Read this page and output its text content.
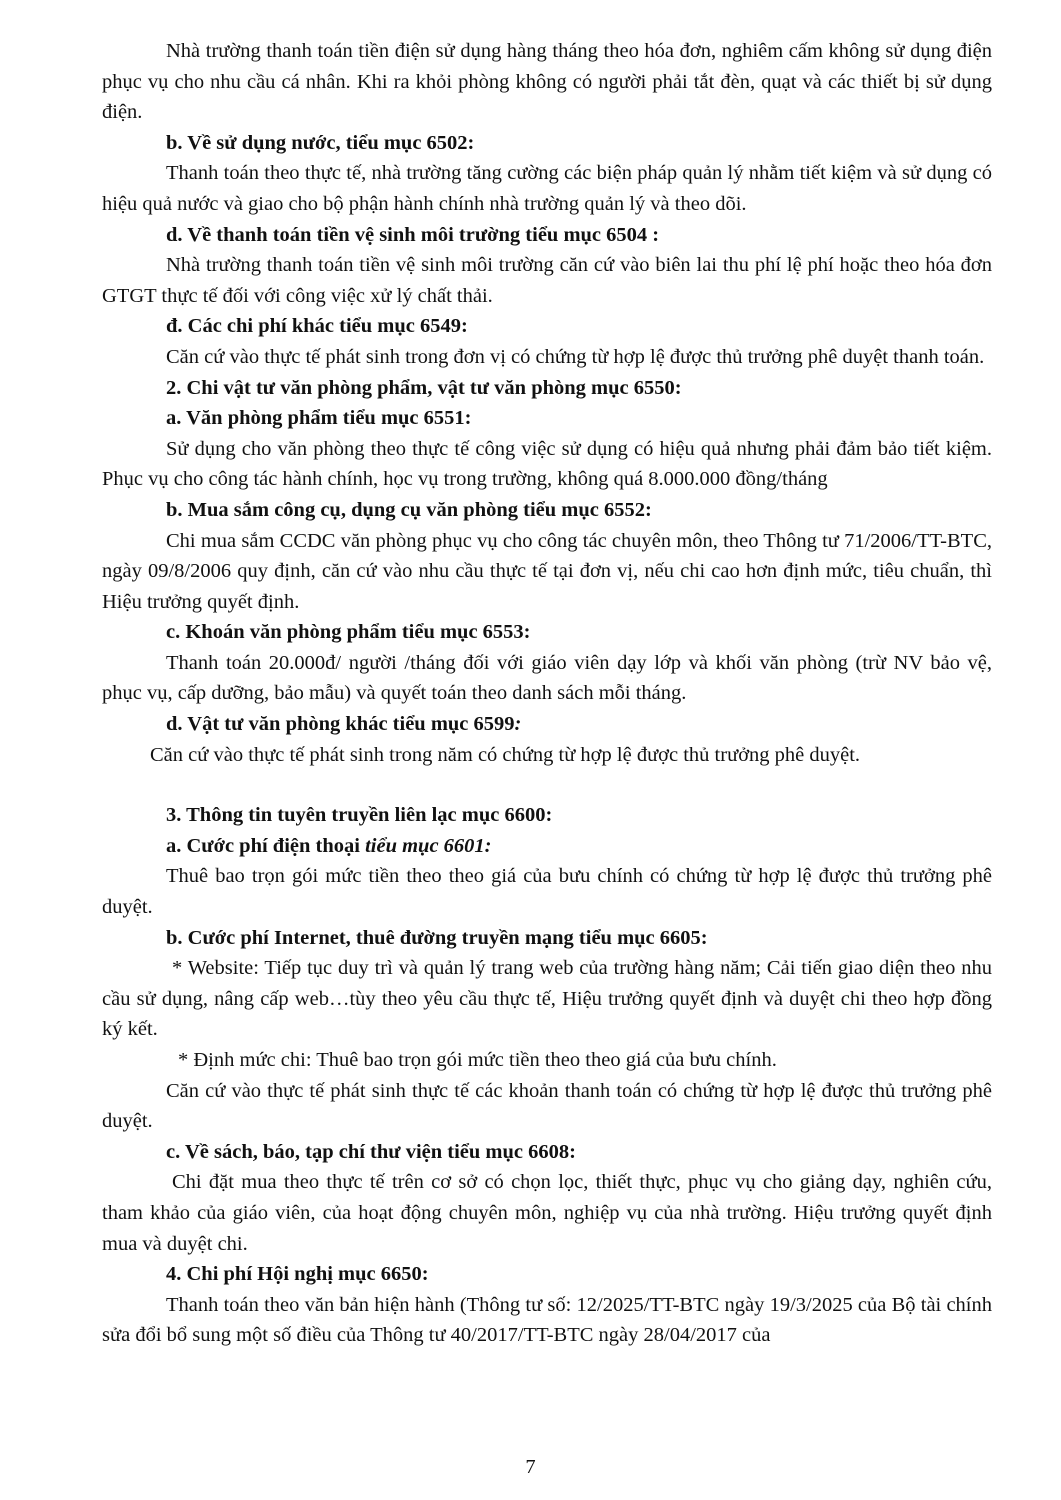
Nhà trường thanh toán tiền điện sử dụng hàng tháng theo hóa đơn, nghiêm cấm không sử dụng điện phục vụ cho nhu cầu cá nhân. Khi ra khỏi phòng không có người phải tắt đèn, quạt và các thiết bị sử dụng điện.

b. Về sử dụng nước, tiểu mục 6502:

Thanh toán theo thực tế, nhà trường tăng cường các biện pháp quản lý nhằm tiết kiệm và sử dụng có hiệu quả nước và giao cho bộ phận hành chính nhà trường quản lý và theo dõi.

d. Về thanh toán tiền vệ sinh môi trường tiểu mục 6504 :

Nhà trường thanh toán tiền vệ sinh môi trường căn cứ vào biên lai thu phí lệ phí hoặc theo hóa đơn GTGT thực tế đối với công việc xử lý chất thải.

đ. Các chi phí khác tiểu mục 6549:

Căn cứ vào thực tế phát sinh trong đơn vị có chứng từ hợp lệ được thủ trưởng phê duyệt thanh toán.

2. Chi vật tư văn phòng phẩm, vật tư văn phòng mục 6550:

a. Văn phòng phẩm tiểu mục 6551:

Sử dụng cho văn phòng theo thực tế công việc sử dụng có hiệu quả nhưng phải đảm bảo tiết kiệm. Phục vụ cho công tác hành chính, học vụ trong trường, không quá 8.000.000 đồng/tháng

b. Mua sắm công cụ, dụng cụ văn phòng tiểu mục 6552:

Chi mua sắm CCDC văn phòng phục vụ cho công tác chuyên môn, theo Thông tư 71/2006/TT-BTC, ngày 09/8/2006 quy định, căn cứ vào nhu cầu thực tế tại đơn vị, nếu chi cao hơn định mức, tiêu chuẩn, thì Hiệu trưởng quyết định.

c. Khoán văn phòng phẩm tiểu mục 6553:

Thanh toán 20.000đ/ người /tháng đối với giáo viên dạy lớp và khối văn phòng (trừ NV bảo vệ, phục vụ, cấp dưỡng, bảo mẫu) và quyết toán theo danh sách mỗi tháng.

d. Vật tư văn phòng khác tiểu mục 6599:

Căn cứ vào thực tế phát sinh trong năm có chứng từ hợp lệ được thủ trưởng phê duyệt.

3. Thông tin tuyên truyền liên lạc mục 6600:

a. Cước phí điện thoại tiểu mục 6601:

Thuê bao trọn gói mức tiền theo theo giá của bưu chính có chứng từ hợp lệ được thủ trưởng phê duyệt.

b. Cước phí Internet, thuê đường truyền mạng tiểu mục 6605:

* Website: Tiếp tục duy trì và quản lý trang web của trường hàng năm; Cải tiến giao diện theo nhu cầu sử dụng, nâng cấp web…tùy theo yêu cầu thực tế, Hiệu trưởng quyết định và duyệt chi theo hợp đồng ký kết.

* Định mức chi: Thuê bao trọn gói mức tiền theo theo giá của bưu chính.

Căn cứ vào thực tế phát sinh thực tế các khoản thanh toán có chứng từ hợp lệ được thủ trưởng phê duyệt.

c. Về sách, báo, tạp chí thư viện tiểu mục 6608:

Chi đặt mua theo thực tế trên cơ sở có chọn lọc, thiết thực, phục vụ cho giảng dạy, nghiên cứu, tham khảo của giáo viên, của hoạt động chuyên môn, nghiệp vụ của nhà trường. Hiệu trưởng quyết định mua và duyệt chi.

4. Chi phí Hội nghị mục 6650:

Thanh toán theo văn bản hiện hành (Thông tư số: 12/2025/TT-BTC ngày 19/3/2025 của Bộ tài chính sửa đổi bổ sung một số điều của Thông tư 40/2017/TT-BTC ngày 28/04/2017 của

7
